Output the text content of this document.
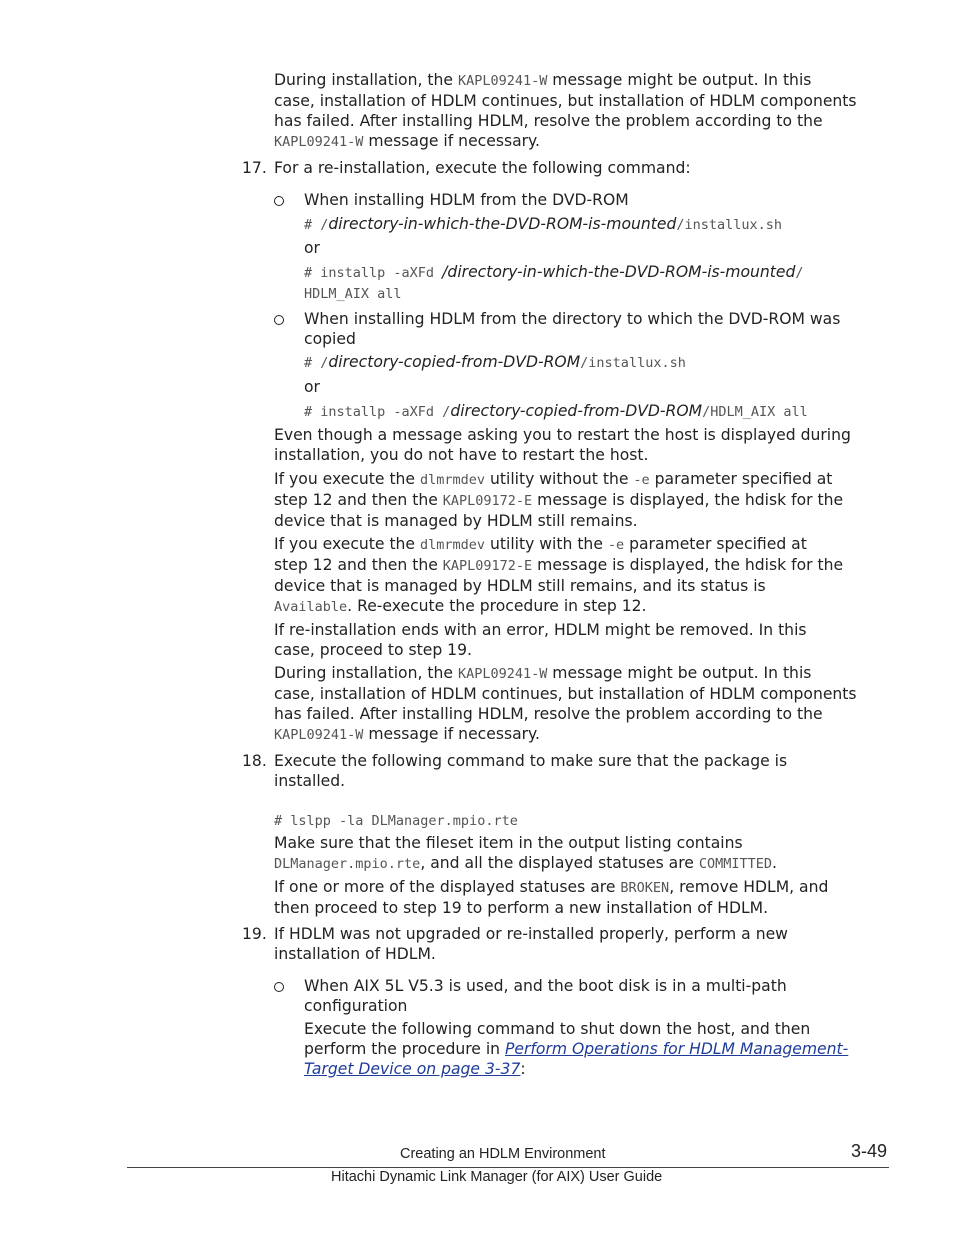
During installation, the KAPL09241-W message might be output. In this
case, installation of HDLM continues, but installation of HDLM components
has failed. After installing HDLM, resolve the problem according to the
KAPL09241-W message if necessary.
17. For a re-installation, execute the following command:
When installing HDLM from the DVD-ROM
# /directory-in-which-the-DVD-ROM-is-mounted/installux.sh
or
# installp -aXFd /directory-in-which-the-DVD-ROM-is-mounted/
HDLM_AIX all
When installing HDLM from the directory to which the DVD-ROM was
copied
# /directory-copied-from-DVD-ROM/installux.sh
or
# installp -aXFd /directory-copied-from-DVD-ROM/HDLM_AIX all
Even though a message asking you to restart the host is displayed during
installation, you do not have to restart the host.
If you execute the dlmrmdev utility without the -e parameter specified at
step 12 and then the KAPL09172-E message is displayed, the hdisk for the
device that is managed by HDLM still remains.
If you execute the dlmrmdev utility with the -e parameter specified at
step 12 and then the KAPL09172-E message is displayed, the hdisk for the
device that is managed by HDLM still remains, and its status is
Available. Re-execute the procedure in step 12.
If re-installation ends with an error, HDLM might be removed. In this
case, proceed to step 19.
During installation, the KAPL09241-W message might be output. In this
case, installation of HDLM continues, but installation of HDLM components
has failed. After installing HDLM, resolve the problem according to the
KAPL09241-W message if necessary.
18. Execute the following command to make sure that the package is
installed.
# lslpp -la DLManager.mpio.rte
Make sure that the fileset item in the output listing contains
DLManager.mpio.rte, and all the displayed statuses are COMMITTED.
If one or more of the displayed statuses are BROKEN, remove HDLM, and
then proceed to step 19 to perform a new installation of HDLM.
19. If HDLM was not upgraded or re-installed properly, perform a new
installation of HDLM.
When AIX 5L V5.3 is used, and the boot disk is in a multi-path
configuration
Execute the following command to shut down the host, and then
perform the procedure in Perform Operations for HDLM Management-
Target Device on page 3-37:
Creating an HDLM Environment	3-49
Hitachi Dynamic Link Manager (for AIX) User Guide
